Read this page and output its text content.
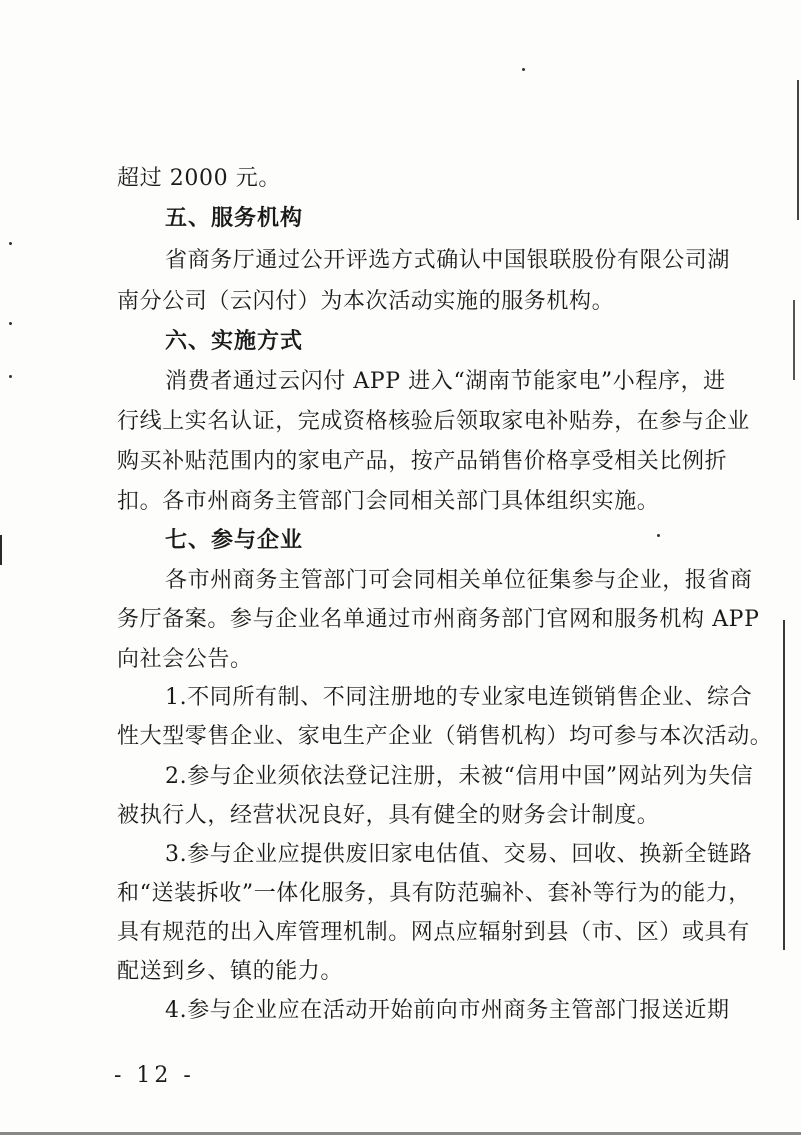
超过 2000 元。
五、服务机构
省商务厅通过公开评选方式确认中国银联股份有限公司湖
南分公司（云闪付）为本次活动实施的服务机构。
六、实施方式
消费者通过云闪付 APP 进入“湖南节能家电”小程序，进
行线上实名认证，完成资格核验后领取家电补贴券，在参与企业
购买补贴范围内的家电产品，按产品销售价格享受相关比例折
扣。各市州商务主管部门会同相关部门具体组织实施。
七、参与企业
各市州商务主管部门可会同相关单位征集参与企业，报省商
务厅备案。参与企业名单通过市州商务部门官网和服务机构 APP
向社会公告。
1.不同所有制、不同注册地的专业家电连锁销售企业、综合
性大型零售企业、家电生产企业（销售机构）均可参与本次活动。
2.参与企业须依法登记注册，未被“信用中国”网站列为失信
被执行人，经营状况良好，具有健全的财务会计制度。
3.参与企业应提供废旧家电估值、交易、回收、换新全链路
和“送装拆收”一体化服务，具有防范骗补、套补等行为的能力，
具有规范的出入库管理机制。网点应辐射到县（市、区）或具有
配送到乡、镇的能力。
4.参与企业应在活动开始前向市州商务主管部门报送近期
- 12 -
